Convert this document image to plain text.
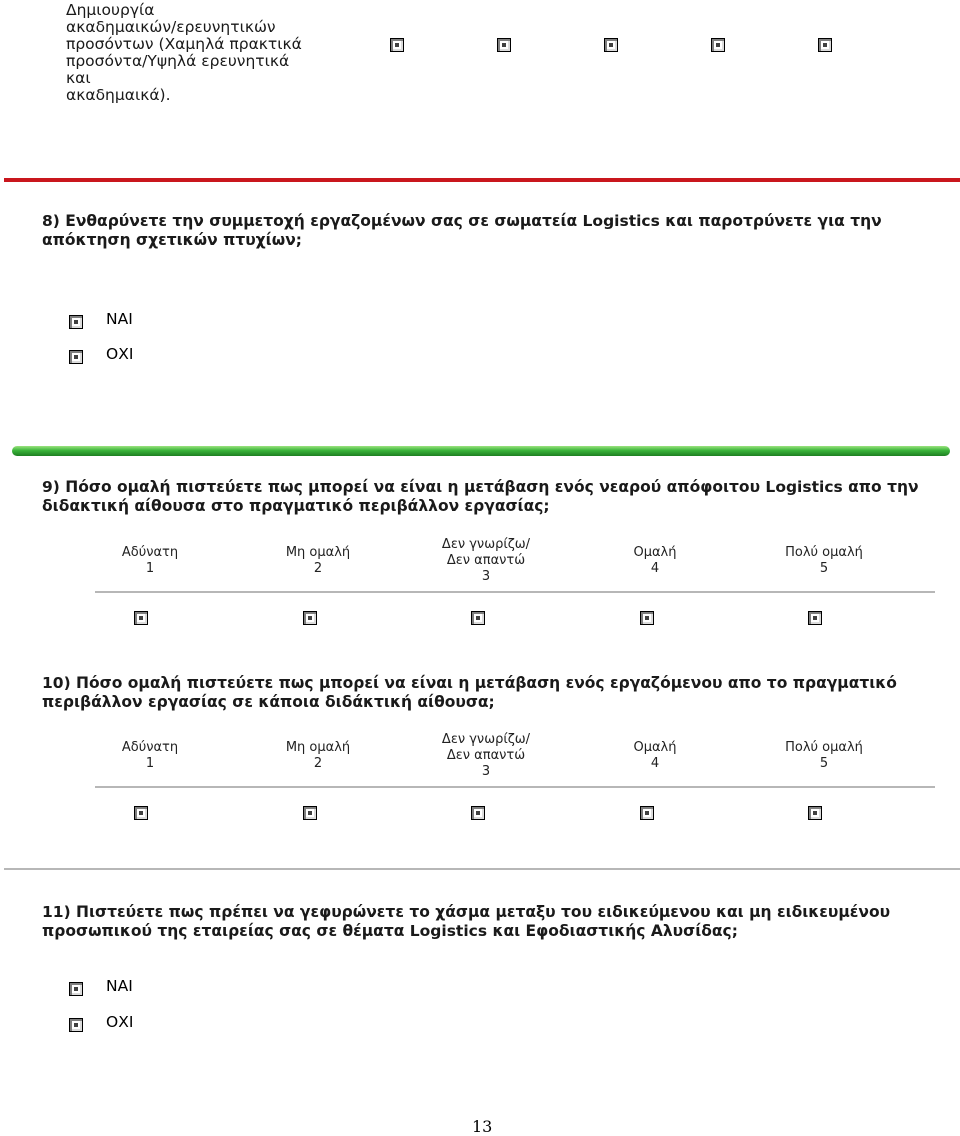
Δημιουργία
ακαδημαικών/ερευνητικών
προσόντων (Χαμηλά πρακτικά
προσόντα/Υψηλά ερευνητικά και
ακαδημαικά).
8) Ενθαρύνετε την συμμετοχή εργαζομένων σας σε σωματεία Logistics και παροτρύνετε για την απόκτηση σχετικών πτυχίων;
ΝΑΙ
ΟΧΙ
9) Πόσο ομαλή πιστεύετε πως μπορεί να είναι η μετάβαση ενός νεαρού απόφοιτου Logistics απο την διδακτική αίθουσα στο πραγματικό περιβάλλον εργασίας;
Αδύνατη
1
Μη ομαλή
2
Δεν γνωρίζω/ Δεν απαντώ
3
Ομαλή
4
Πολύ ομαλή
5
10) Πόσο ομαλή πιστεύετε πως μπορεί να είναι η μετάβαση ενός εργαζόμενου απο το πραγματικό περιβάλλον εργασίας σε κάποια διδάκτική αίθουσα;
Αδύνατη
1
Μη ομαλή
2
Δεν γνωρίζω/ Δεν απαντώ
3
Ομαλή
4
Πολύ ομαλή
5
11) Πιστεύετε πως πρέπει να γεφυρώνετε το χάσμα μεταξυ του ειδικεύμενου και μη ειδικευμένου προσωπικού της εταιρείας σας σε θέματα Logistics και Εφοδιαστικής Αλυσίδας;
ΝΑΙ
ΟΧΙ
13
